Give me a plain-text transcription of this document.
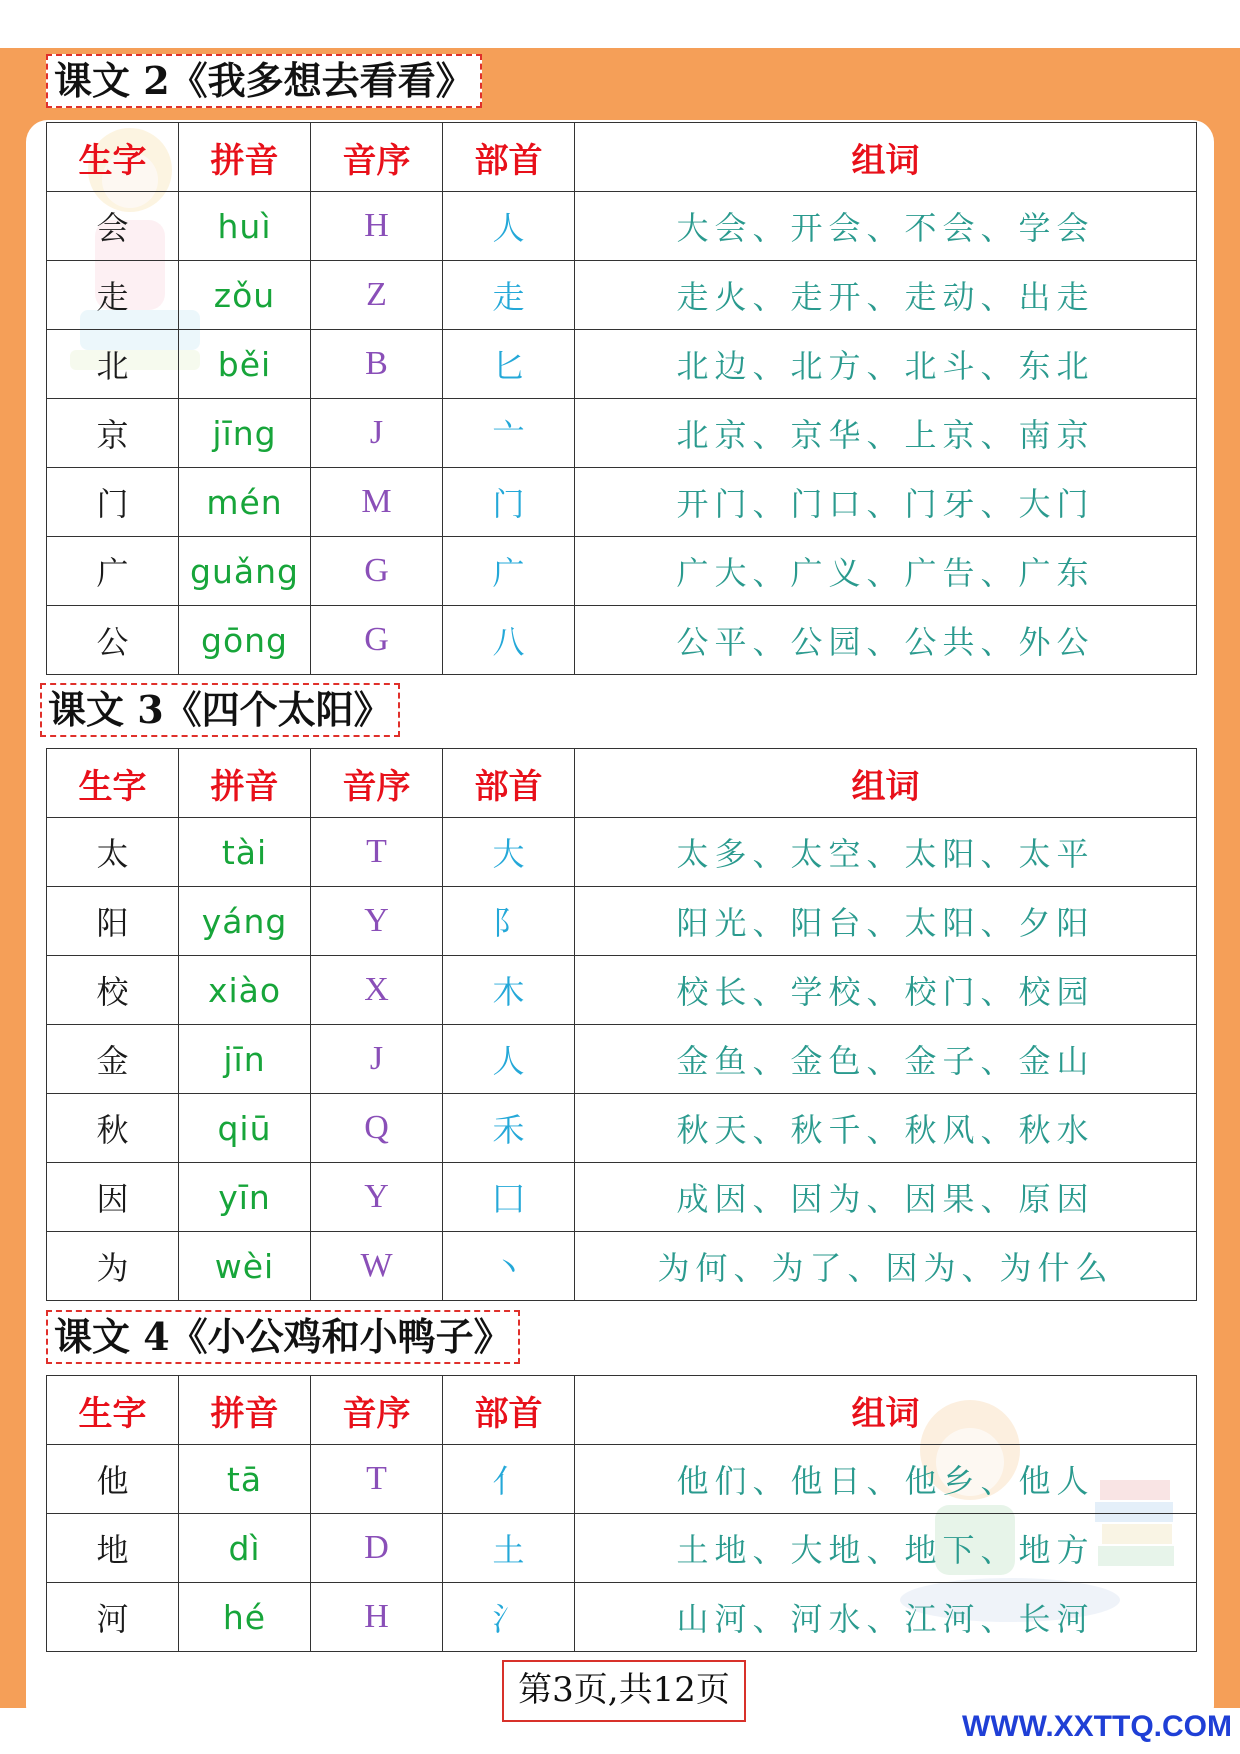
课文 2《我多想去看看》
生字	拼音	音序	部首	组词
会	huì	H	人	大会、开会、不会、学会
走	zǒu	Z	走	走火、走开、走动、出走
北	běi	B	匕	北边、北方、北斗、东北
京	jīng	J	亠	北京、京华、上京、南京
门	mén	M	门	开门、门口、门牙、大门
广	guǎng	G	广	广大、广义、广告、广东
公	gōng	G	八	公平、公园、公共、外公
课文 3《四个太阳》
生字	拼音	音序	部首	组词
太	tài	T	大	太多、太空、太阳、太平
阳	yáng	Y	阝	阳光、阳台、太阳、夕阳
校	xiào	X	木	校长、学校、校门、校园
金	jīn	J	人	金鱼、金色、金子、金山
秋	qiū	Q	禾	秋天、秋千、秋风、秋水
因	yīn	Y	囗	成因、因为、因果、原因
为	wèi	W	丶	为何、为了、因为、为什么
课文 4《小公鸡和小鸭子》
生字	拼音	音序	部首	组词
他	tā	T	亻	他们、他日、他乡、他人
地	dì	D	土	土地、大地、地下、地方
河	hé	H	氵	山河、河水、江河、长河
第3页,共12页
WWW.XXTTQ.COM
